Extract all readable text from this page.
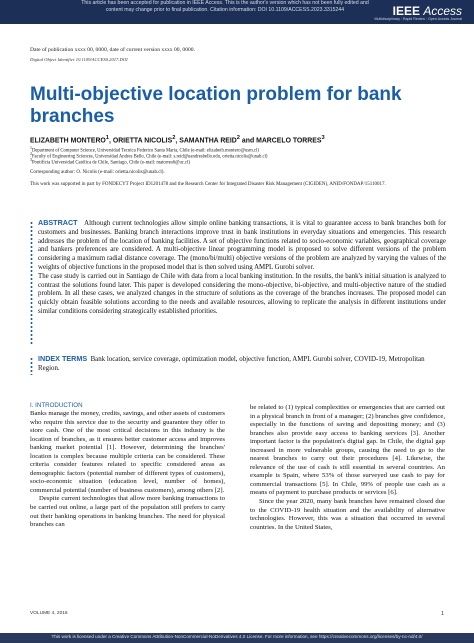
This article has been accepted for publication in IEEE Access. This is the author's version which has not been fully edited and
content may change prior to final publication. Citation information: DOI 10.1109/ACCESS.2023.3315244	IEEE Access
Multidisciplinary : Rapid Review : Open Access Journal
Date of publication xxxx 00, 0000, date of current version xxxx 00, 0000.
Digital Object Identifier 10.1109/ACCESS.2017.DOI
Multi-objective location problem for bank branches
ELIZABETH MONTERO$^1$, ORIETTA NICOLIS$^2$, SAMANTHA REID$^2$ and MARCELO TORRES$^3$
$^1$Department of Computer Science, Universidad Tecnica Federico Santa Maria, Chile (e-mail: elizabeth.montero@usm.cl)
$^2$Faculty of Engineering Sciences, Universidad Andres Bello, Chile (e-mail: s.reid@uandresbello.edu, orietta.nicolis@unab.cl)
$^3$Pontificia Universidad Católica de Chile, Santiago, Chile (e-mail: matorres6@uc.cl)
Corresponding author: O. Nicolis (e-mail: orietta.nicolis@unab.cl).
This work was supported in part by FONDECYT Project ID1201478 and the Research Center for Integrated Disaster Risk Management (CIGIDEN), ANID/FONDAP/15110017.
ABSTRACT Although current technologies allow simple online banking transactions, it is vital to guarantee access to bank branches both for customers and businesses. Banking branch interactions improve trust in bank institutions in everyday situations and emergencies. This research addresses the problem of the location of banking facilities. A set of objective functions related to socio-economic variables, geographical coverage and bankers preferences are considered. A multi-objective linear programming model is proposed to solve different versions of the problem considering a maximum radial distance coverage. The (mono/bi/multi) objective versions of the problem are analyzed by varying the values of the weights of objective functions in the proposed model that is then solved using AMPL Gurobi solver.
The case study is carried out in Santiago de Chile with data from a local banking institution. In the results, the bank's initial situation is analyzed to contrast the solutions found later. This paper is developed considering the mono-objective, bi-objective, and multi-objective nature of the studied problem. In all these cases, we analyzed changes in the structure of solutions as the coverage of the branches increases. The proposed model can quickly obtain feasible solutions according to the needs and available resources, allowing to replicate the analysis in different institutions under similar conditions considering strategically established priorities.
INDEX TERMS Bank location, service coverage, optimization model, objective function, AMPL Gurobi solver, COVID-19, Metropolitan Region.
I. INTRODUCTION

Banks manage the money, credits, savings, and other assets of customers who require this service due to the security and guarantee they offer to store cash. One of the most critical decisions in this industry is the location of branches, as it ensures better customer access and improves banking market potential [1]. However, determining the branches' location is complex because multiple criteria can be considered. These criteria consider features related to specific considered areas as demographic factors (potential number of different types of customers), socio-economic situation (education level, number of homes), commercial potential (number of business customers), among others [2].

Despite current technologies that allow more banking transactions to be carried out online, a large part of the population still prefers to carry out their banking operations in banking branches. The need for physical branches can

be related to (1) typical complexities or emergencies that are carried out in a physical branch in front of a manager; (2) branches give confidence, especially in the functions of saving and depositing money; and (3) branches also provide easy access to banking services [3]. Another important factor is the population's digital gap. In Chile, the digital gap increased in more vulnerable groups, causing the need to go to the nearest branches to carry out their procedures [4]. Likewise, the relevance of the use of cash is still essential in several countries. An example is Spain, where 53% of those surveyed use cash to pay for commercial transactions [5]. In Chile, 99% of people use cash as a means of payment to purchase products or services [6].

Since the year 2020, many bank branches have remained closed due to the COVID-19 health situation and the availability of alternative technologies. However, this was a situation that occurred in several countries. In the United States,

VOLUME 4, 2016	1
This work is licensed under a Creative Commons Attribution-NonCommercial-NoDerivatives 4.0 License. For more information, see https://creativecommons.org/licenses/by-nc-nd/4.0/
